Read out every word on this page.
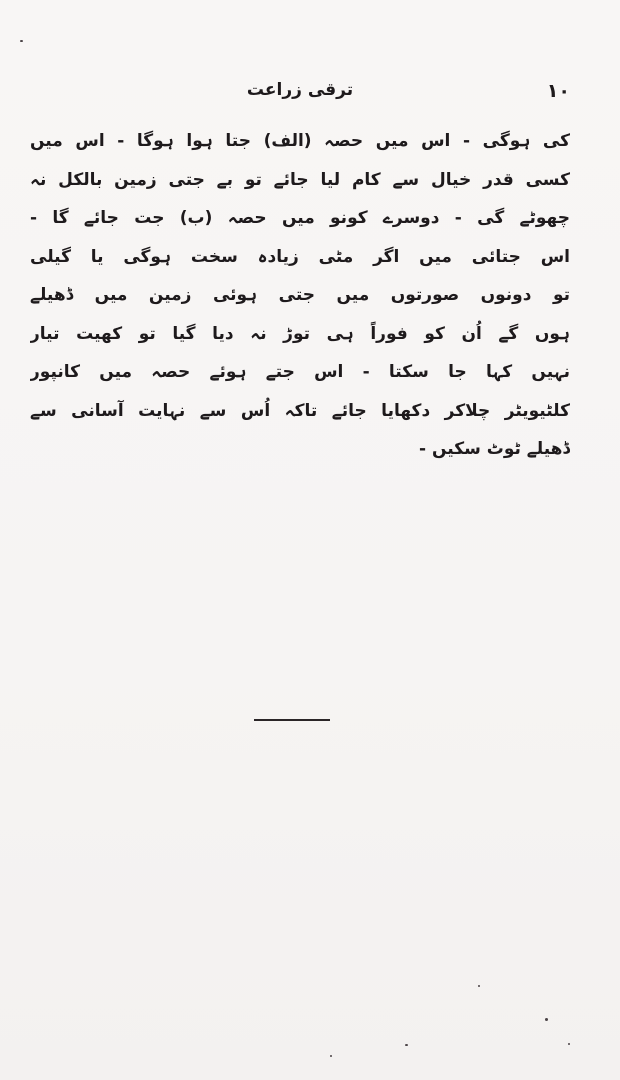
۱۰
ترقی زراعت
کی ہوگی - اس میں حصہ (الف) جتا ہوا ہوگا - اس میں
کسی قدر خیال سے کام لیا جائے تو بے جتی زمین بالکل نہ
چھوٹے گی - دوسرے کونو میں حصہ (ب) جت جائے گا -
اس جتائی میں اگر مٹی زیادہ سخت ہوگی یا گیلی
تو دونوں صورتوں میں جتی ہوئی زمین میں ڈھیلے
ہوں گے اُن کو فوراً ہی توڑ نہ دیا گیا تو کھیت تیار
نہیں کہا جا سکتا - اس جتے ہوئے حصہ میں کانپور
کلٹیویٹر چلاکر دکھایا جائے تاکہ اُس سے نہایت آسانی سے
ڈھیلے ٹوٹ سکیں -
